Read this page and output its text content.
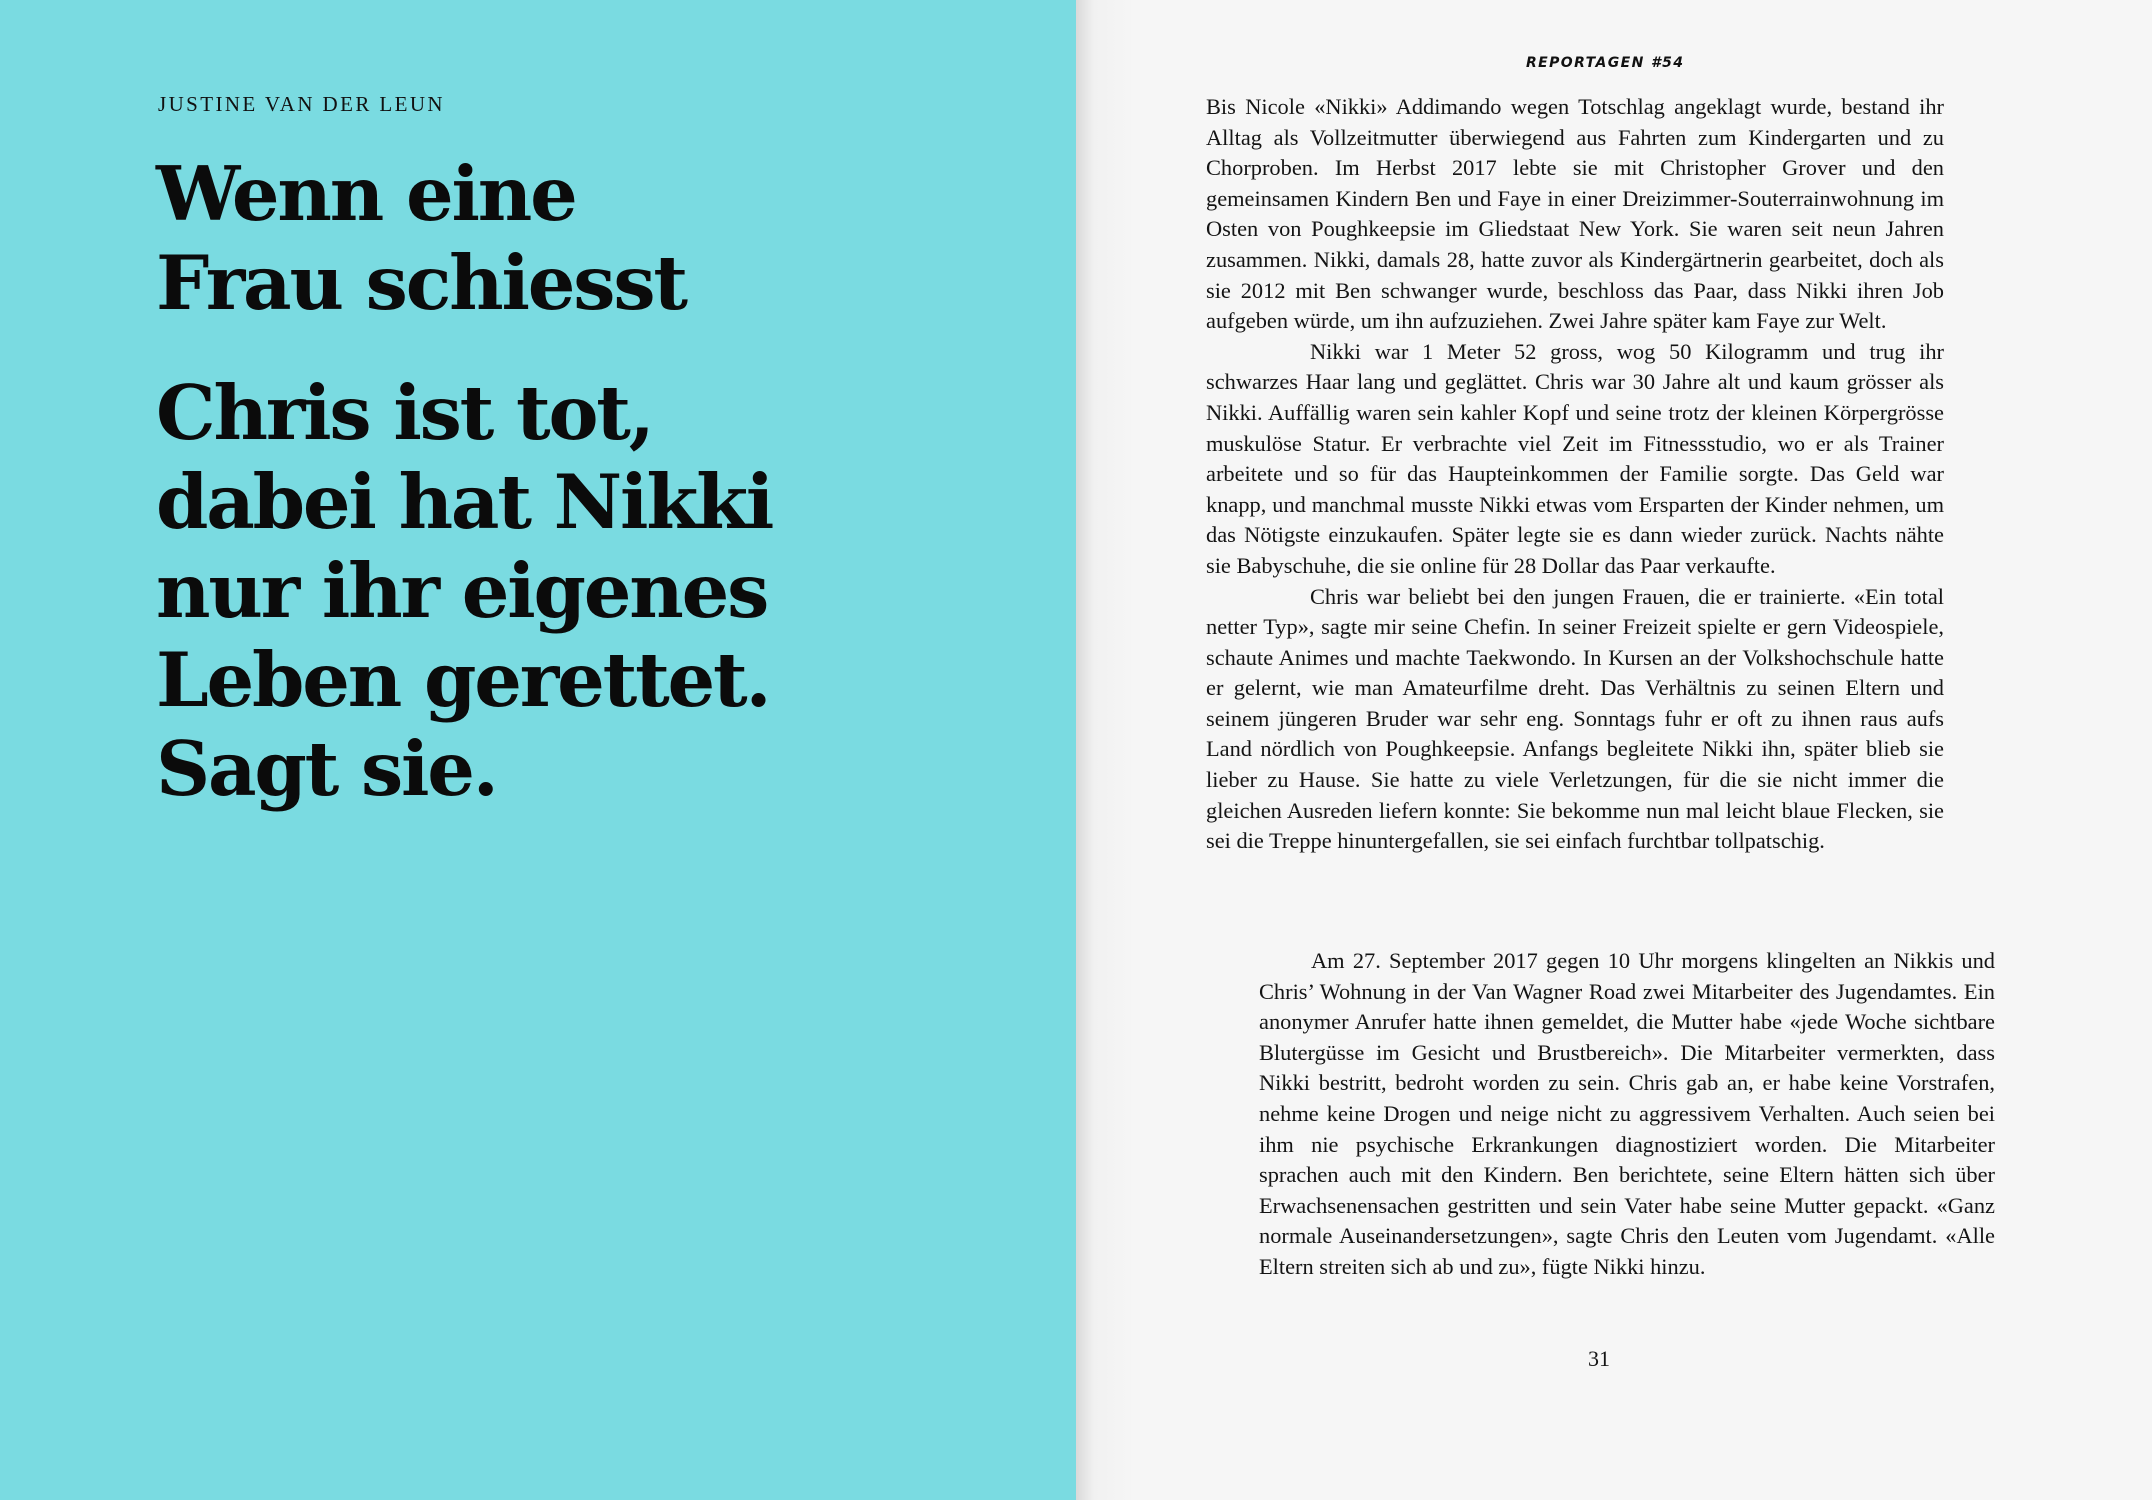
JUSTINE VAN DER LEUN

Wenn eine
Frau schiesst
Chris ist tot,
dabei hat Nikki
nur ihr eigenes
Leben gerettet.
Sagt sie.

REPORTAGEN #54

Bis Nicole «Nikki» Addimando wegen Totschlag angeklagt wurde, bestand ihr Alltag als Vollzeitmutter überwiegend aus Fahrten zum Kindergarten und zu Chorproben. Im Herbst 2017 lebte sie mit Christopher Grover und den gemeinsamen Kindern Ben und Faye in einer Dreizimmer-Souterrainwohnung im Osten von Poughkeepsie im Gliedstaat New York. Sie waren seit neun Jahren zusammen. Nikki, damals 28, hatte zuvor als Kindergärtnerin gearbeitet, doch als sie 2012 mit Ben schwanger wurde, beschloss das Paar, dass Nikki ihren Job aufgeben würde, um ihn aufzuziehen. Zwei Jahre später kam Faye zur Welt.

Nikki war 1 Meter 52 gross, wog 50 Kilogramm und trug ihr schwarzes Haar lang und geglättet. Chris war 30 Jahre alt und kaum grösser als Nikki. Auffällig waren sein kahler Kopf und seine trotz der kleinen Körpergrösse muskulöse Statur. Er verbrachte viel Zeit im Fitnessstudio, wo er als Trainer arbeitete und so für das Haupteinkommen der Familie sorgte. Das Geld war knapp, und manchmal musste Nikki etwas vom Ersparten der Kinder nehmen, um das Nötigste einzukaufen. Später legte sie es dann wieder zurück. Nachts nähte sie Babyschuhe, die sie online für 28 Dollar das Paar verkaufte.

Chris war beliebt bei den jungen Frauen, die er trainierte. «Ein total netter Typ», sagte mir seine Chefin. In seiner Freizeit spielte er gern Videospiele, schaute Animes und machte Taekwondo. In Kursen an der Volkshochschule hatte er gelernt, wie man Amateurfilme dreht. Das Verhältnis zu seinen Eltern und seinem jüngeren Bruder war sehr eng. Sonntags fuhr er oft zu ihnen raus aufs Land nördlich von Poughkeepsie. Anfangs begleitete Nikki ihn, später blieb sie lieber zu Hause. Sie hatte zu viele Verletzungen, für die sie nicht immer die gleichen Ausreden liefern konnte: Sie bekomme nun mal leicht blaue Flecken, sie sei die Treppe hinuntergefallen, sie sei einfach furchtbar tollpatschig.

Am 27. September 2017 gegen 10 Uhr morgens klingelten an Nikkis und Chris’ Wohnung in der Van Wagner Road zwei Mitarbeiter des Jugendamtes. Ein anonymer Anrufer hatte ihnen gemeldet, die Mutter habe «jede Woche sichtbare Blutergüsse im Gesicht und Brustbereich». Die Mitarbeiter vermerkten, dass Nikki bestritt, bedroht worden zu sein. Chris gab an, er habe keine Vorstrafen, nehme keine Drogen und neige nicht zu aggressivem Verhalten. Auch seien bei ihm nie psychische Erkrankungen diagnostiziert worden. Die Mitarbeiter sprachen auch mit den Kindern. Ben berichtete, seine Eltern hätten sich über Erwachsenensachen gestritten und sein Vater habe seine Mutter gepackt. «Ganz normale Auseinandersetzungen», sagte Chris den Leuten vom Jugendamt. «Alle Eltern streiten sich ab und zu», fügte Nikki hinzu.

31
